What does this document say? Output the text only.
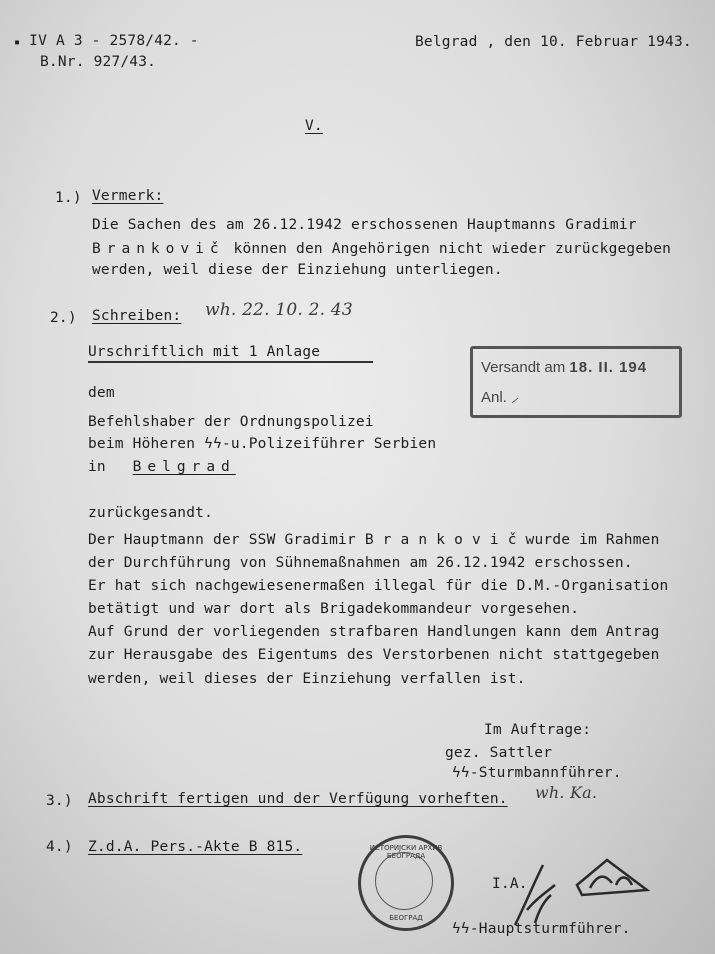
▪ IV A 3 - 2578/42. -
B.Nr. 927/43.
Belgrad , den 10. Februar 1943.
V.
1.) Vermerk:
Die Sachen des am 26.12.1942 erschossenen Hauptmanns Gradimir
Brankovič können den Angehörigen nicht wieder zurückgegeben
werden, weil diese der Einziehung unterliegen.
2.) Schreiben: wh. 22. 10. 2. 43
Urschriftlich mit 1 Anlage
dem
Befehlshaber der Ordnungspolizei
beim Höheren ϟϟ-u.Polizeiführer Serbien
in Belgrad
zurückgesandt.
Der Hauptmann der SSW Gradimir B r a n k o v i č wurde im Rahmen
der Durchführung von Sühnemaßnahmen am 26.12.1942 erschossen.
Er hat sich nachgewiesenermaßen illegal für die D.M.-Organisation
betätigt und war dort als Brigadekommandeur vorgesehen.
Auf Grund der vorliegenden strafbaren Handlungen kann dem Antrag
zur Herausgabe des Eigentums des Verstorbenen nicht stattgegeben
werden, weil dieses der Einziehung verfallen ist.
Versandt am 18. II. 194
Anl. ⸝
Im Auftrage:
gez. Sattler
ϟϟ-Sturmbannführer.
3.) Abschrift fertigen und der Verfügung vorheften. wh. Ka.
4.) Z.d.A. Pers.-Akte B 815.	ИСТОРИЈСКИ АРХИВ БЕОГРАДА
БЕОГРАД
I.A.
ϟϟ-Hauptsturmführer.
